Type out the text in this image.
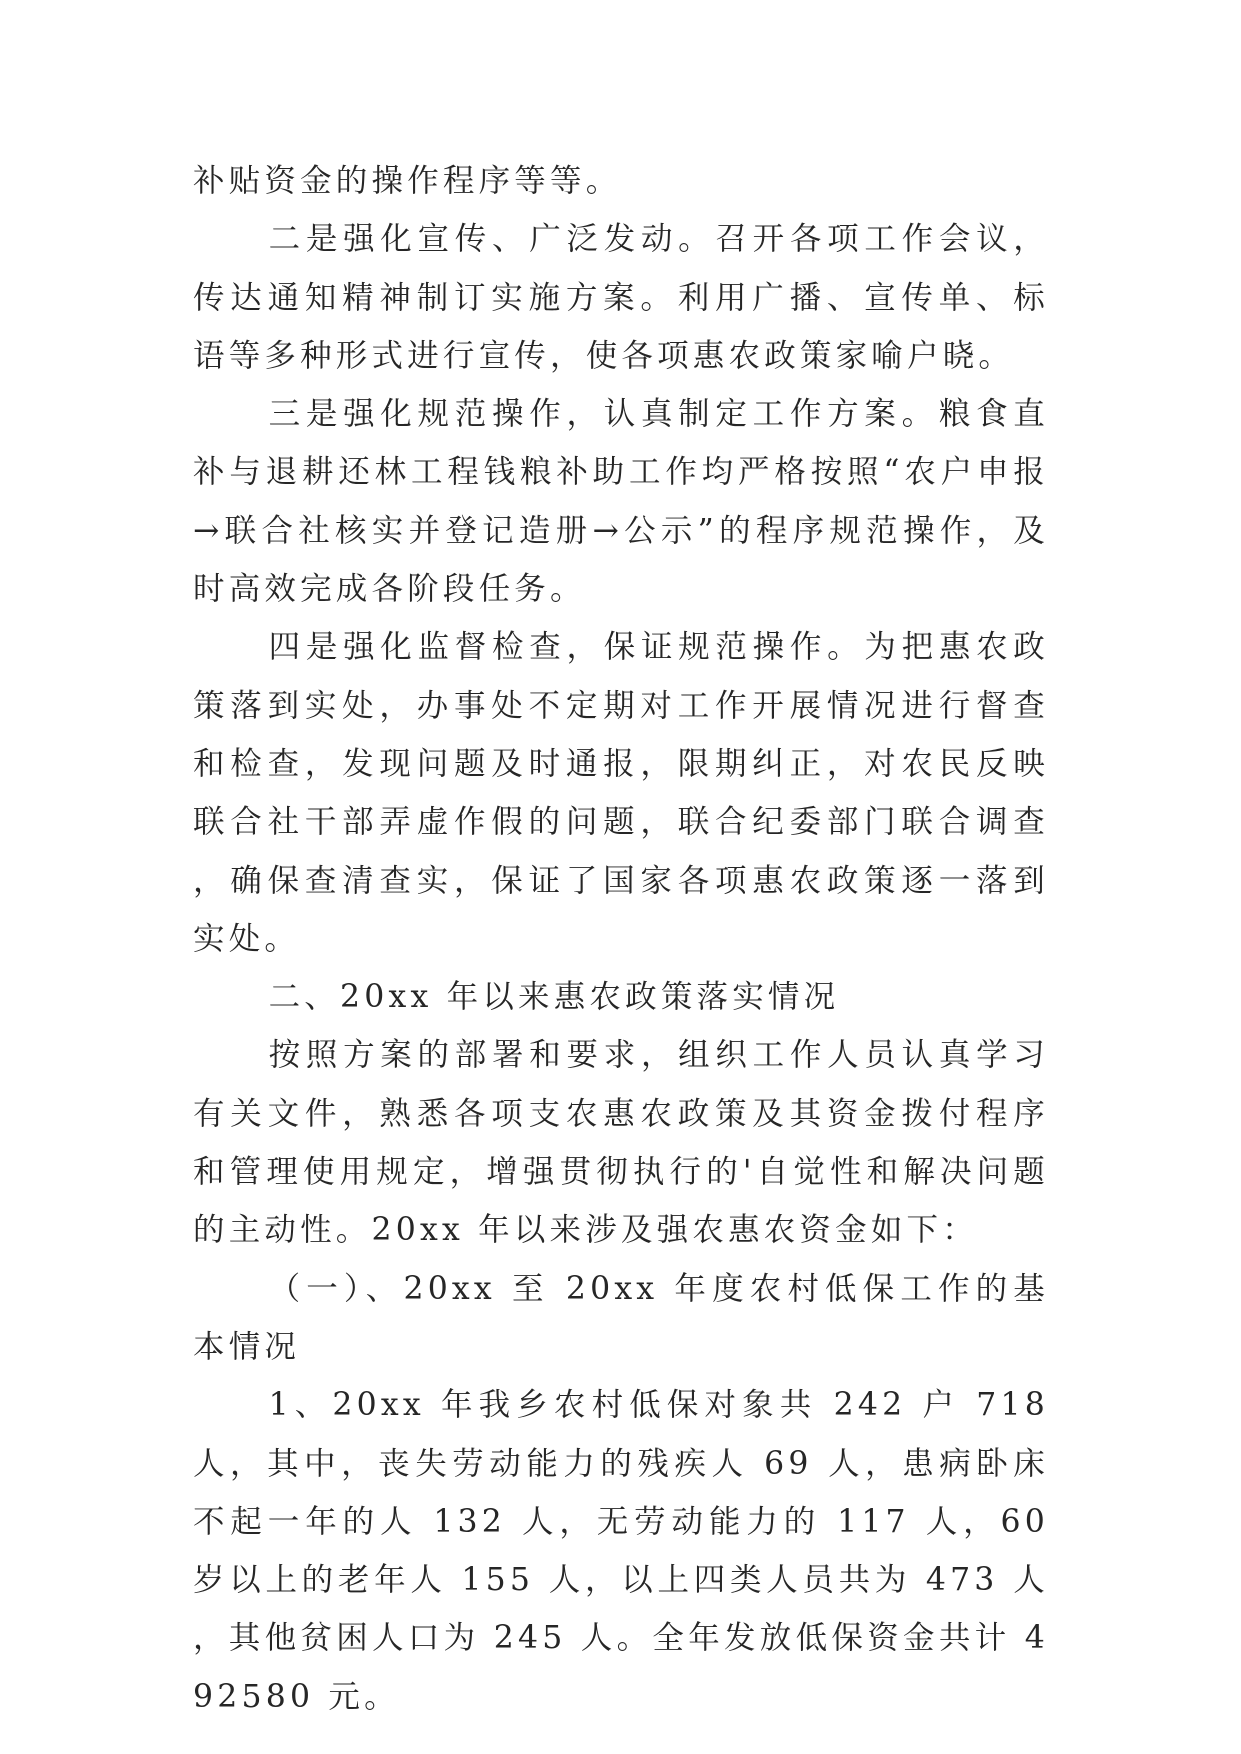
补贴资金的操作程序等等。

二是强化宣传、广泛发动。召开各项工作会议，传达通知精神制订实施方案。利用广播、宣传单、标语等多种形式进行宣传，使各项惠农政策家喻户晓。

三是强化规范操作，认真制定工作方案。粮食直补与退耕还林工程钱粮补助工作均严格按照“农户申报→联合社核实并登记造册→公示”的程序规范操作，及时高效完成各阶段任务。

四是强化监督检查，保证规范操作。为把惠农政策落到实处，办事处不定期对工作开展情况进行督查和检查，发现问题及时通报，限期纠正，对农民反映联合社干部弄虚作假的问题，联合纪委部门联合调查，确保查清查实，保证了国家各项惠农政策逐一落到实处。

二、20xx 年以来惠农政策落实情况

按照方案的部署和要求，组织工作人员认真学习有关文件，熟悉各项支农惠农政策及其资金拨付程序和管理使用规定，增强贯彻执行的'自觉性和解决问题的主动性。20xx 年以来涉及强农惠农资金如下：

（一）、20xx 至 20xx 年度农村低保工作的基本情况

1、20xx 年我乡农村低保对象共 242 户 718 人，其中，丧失劳动能力的残疾人 69 人，患病卧床不起一年的人 132 人，无劳动能力的 117 人，60 岁以上的老年人 155 人，以上四类人员共为 473 人，其他贫困人口为 245 人。全年发放低保资金共计 492580 元。
